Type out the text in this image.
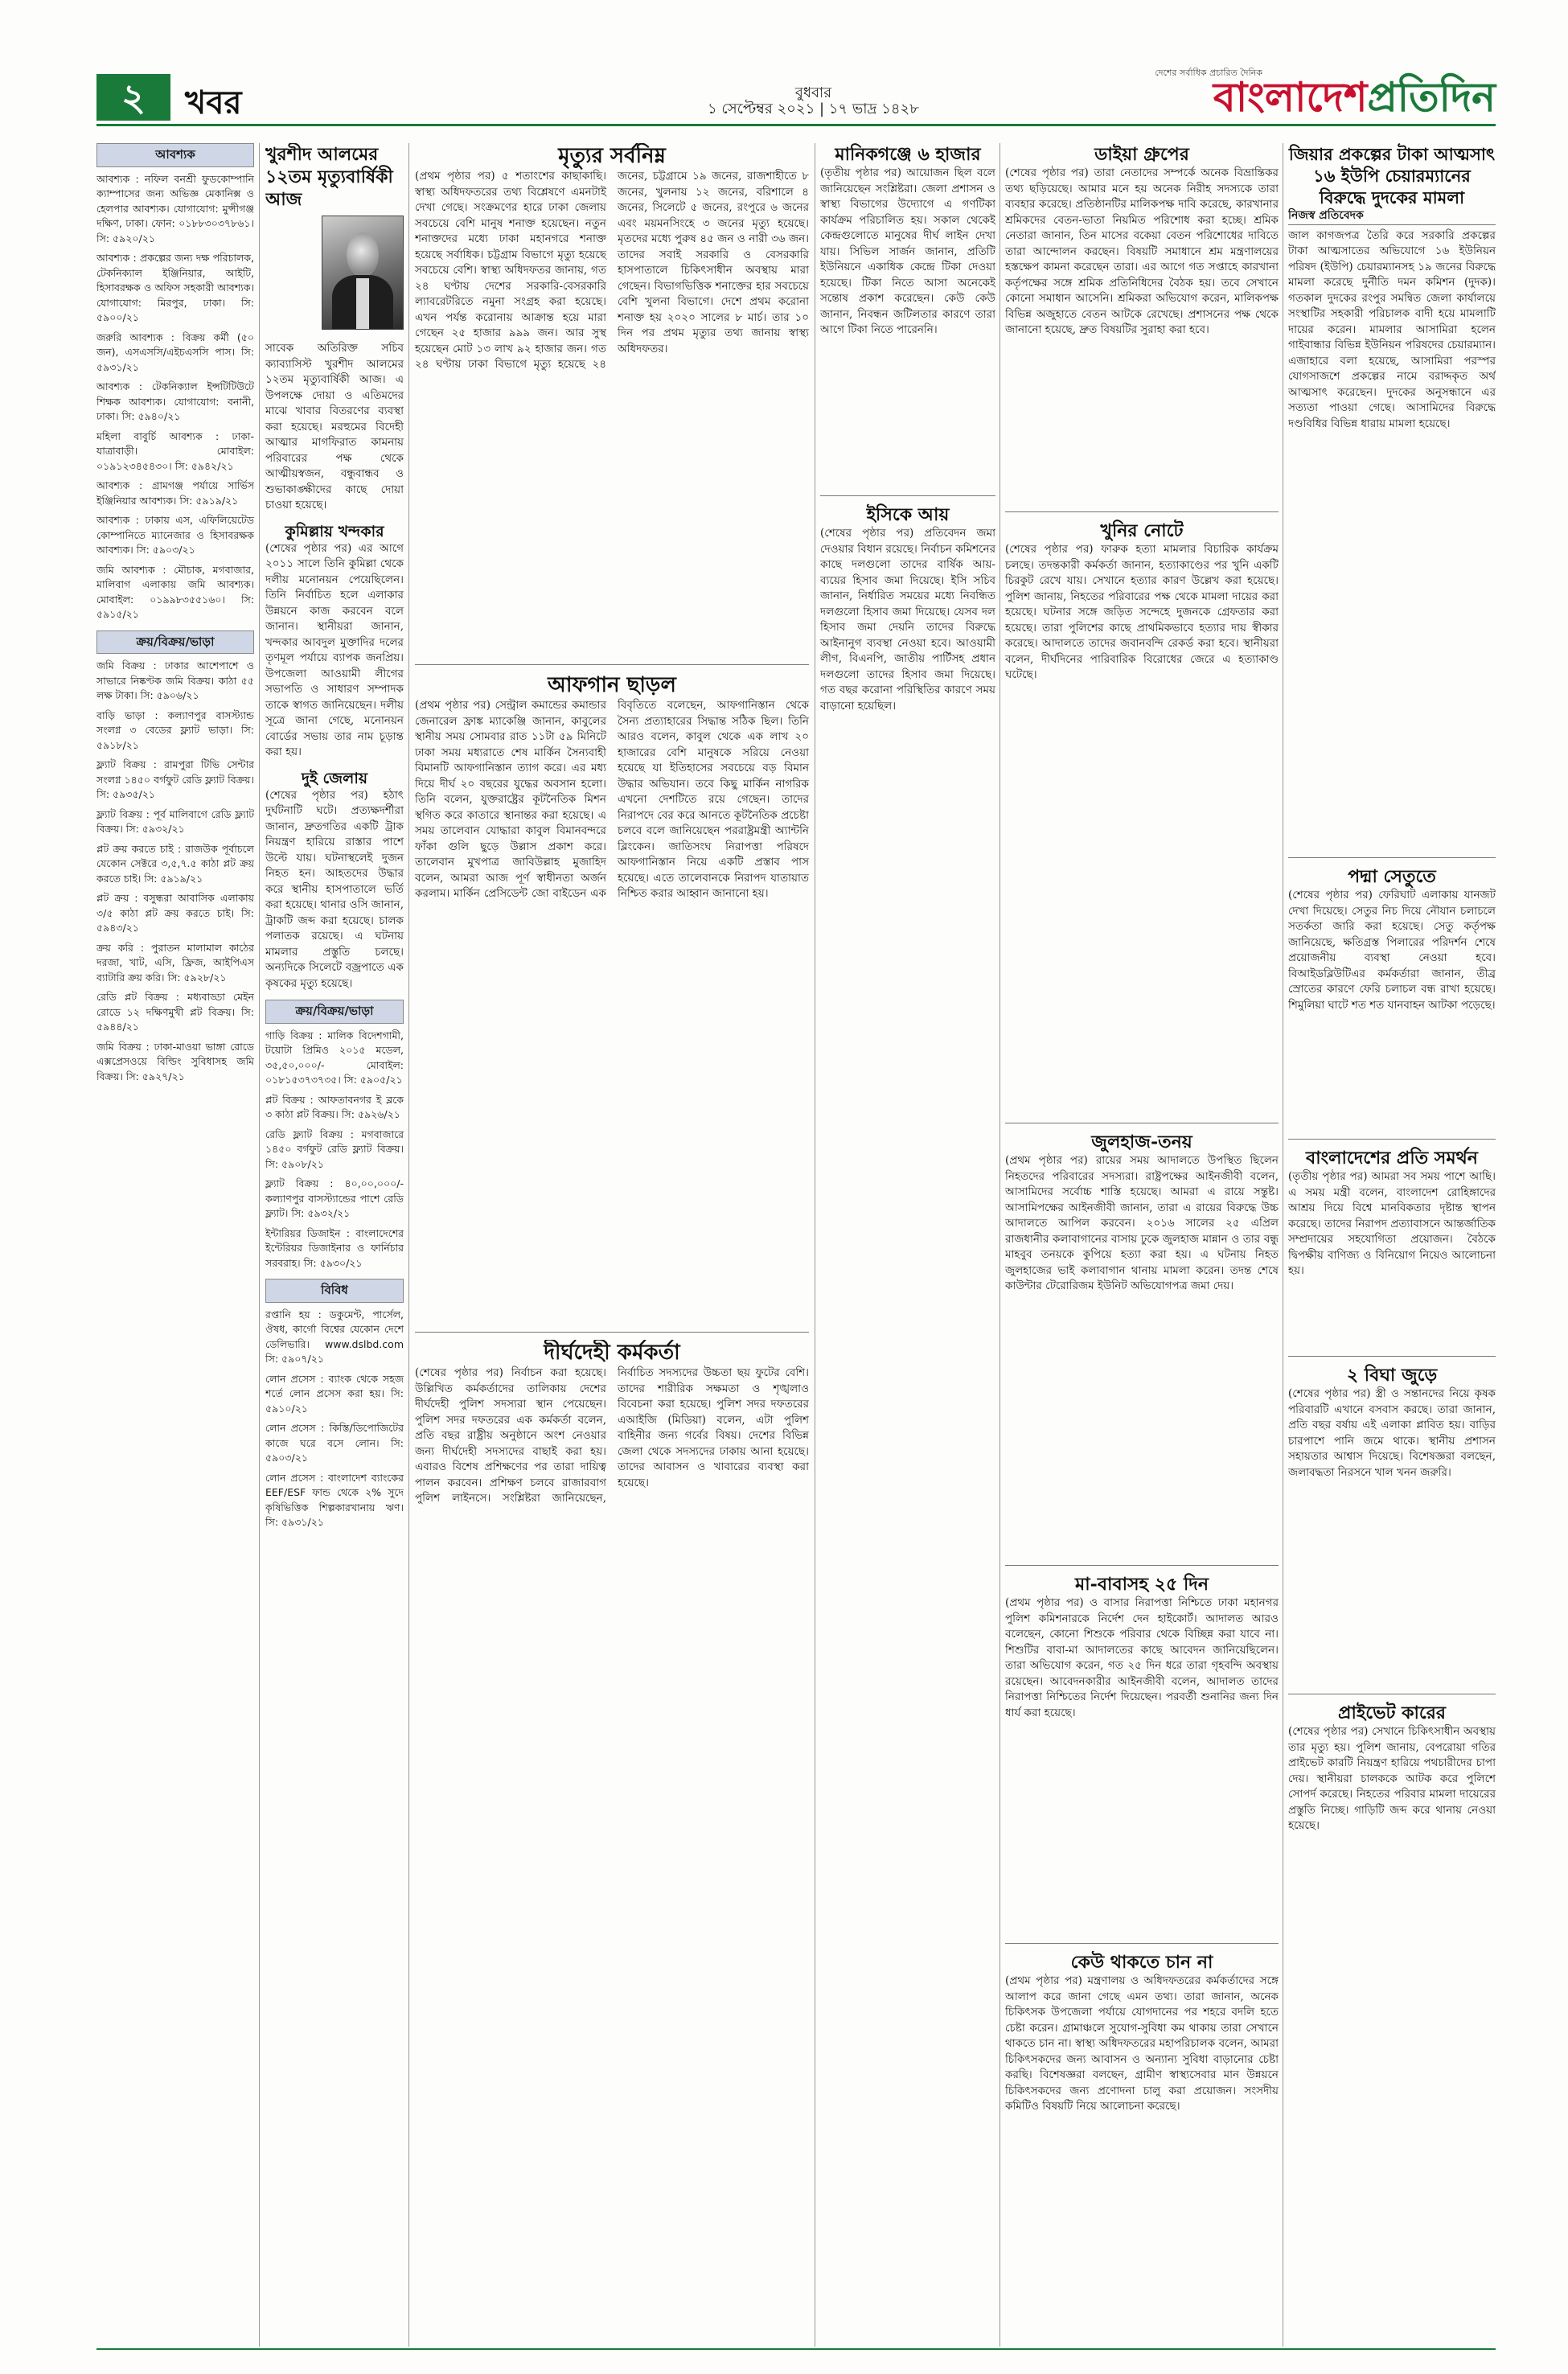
২	খবর	বুধবার
১ সেপ্টেম্বর ২০২১ | ১৭ ভাদ্র ১৪২৮
দেশের সর্বাধিক প্রচারিত দৈনিক
বাংলাদেশপ্রতিদিন
আবশ্যক

আবশ্যক : নফিল বনশ্রী ফুডকোম্পানি ক্যাম্পাসের জন্য অভিজ্ঞ মেকানিক্স ও হেলপার আবশ্যক। যোগাযোগ: মুন্সীগঞ্জ দক্ষিণ, ঢাকা। ফোন: ০১৮৮৩০৩৭৮৬১। সি: ৫৯২০/২১

আবশ্যক : প্রকল্পের জন্য দক্ষ পরিচালক, টেকনিক্যাল ইঞ্জিনিয়ার, আইটি, হিসাবরক্ষক ও অফিস সহকারী আবশ্যক। যোগাযোগ: মিরপুর, ঢাকা। সি: ৫৯০০/২১

জরুরি আবশ্যক : বিক্রয় কর্মী (৫০ জন), এসএসসি/এইচএসসি পাস। সি: ৫৯৩১/২১

আবশ্যক : টেকনিক্যাল ইন্সটিটিউটে শিক্ষক আবশ্যক। যোগাযোগ: বনানী, ঢাকা। সি: ৫৯৪০/২১

মহিলা বাবুর্চি আবশ্যক : ঢাকা-যাত্রাবাড়ী। মোবাইল: ০১৯১২৩৪৫৪৩০। সি: ৫৯৪২/২১

আবশ্যক : গ্রামগঞ্জ পর্যায়ে সার্ভিস ইঞ্জিনিয়ার আবশ্যক। সি: ৫৯১৯/২১

আবশ্যক : ঢাকায় এস, এফিলিয়েটেড কোম্পানিতে ম্যানেজার ও হিসাবরক্ষক আবশ্যক। সি: ৫৯০৩/২১

জমি আবশ্যক : মৌচাক, মগবাজার, মালিবাগ এলাকায় জমি আবশ্যক। মোবাইল: ০১৯৯৮৩৫৫১৬০। সি: ৫৯১৫/২১

ক্রয়/বিক্রয়/ভাড়া

জমি বিক্রয় : ঢাকার আশেপাশে ও সাভারে নিষ্কণ্টক জমি বিক্রয়। কাঠা ৫৫ লক্ষ টাকা। সি: ৫৯০৬/২১

বাড়ি ভাড়া : কল্যাণপুর বাসস্ট্যান্ড সংলগ্ন ৩ বেডের ফ্ল্যাট ভাড়া। সি: ৫৯১৮/২১

ফ্ল্যাট বিক্রয় : রামপুরা টিভি সেন্টার সংলগ্ন ১৪৫০ বর্গফুট রেডি ফ্ল্যাট বিক্রয়। সি: ৫৯৩৫/২১

ফ্ল্যাট বিক্রয় : পূর্ব মালিবাগে রেডি ফ্ল্যাট বিক্রয়। সি: ৫৯৩২/২১

প্লট ক্রয় করতে চাই : রাজউক পূর্বাচলে যেকোন সেক্টরে ৩,৫,৭.৫ কাঠা প্লট ক্রয় করতে চাই। সি: ৫৯১৯/২১

প্লট ক্রয় : বসুন্ধরা আবাসিক এলাকায় ৩/৫ কাঠা প্লট ক্রয় করতে চাই। সি: ৫৯৪৩/২১

ক্রয় করি : পুরাতন মালামাল কাঠের দরজা, খাট, এসি, ফ্রিজ, আইপিএস ব্যাটারি ক্রয় করি। সি: ৫৯২৮/২১

রেডি প্লট বিক্রয় : মধ্যবাড্ডা মেইন রোডে ১২ দক্ষিণমুখী প্লট বিক্রয়। সি: ৫৯৪৪/২১

জমি বিক্রয় : ঢাকা-মাওয়া ভাঙ্গা রোডে এক্সপ্রেসওয়ে বিল্ডিং সুবিধাসহ জমি বিক্রয়। সি: ৫৯২৭/২১

খুরশীদ আলমের ১২তম মৃত্যুবার্ষিকী আজ

সাবেক অতিরিক্ত সচিব ক্যাব্যাসিস্ট খুরশীদ আলমের ১২তম মৃত্যুবার্ষিকী আজ। এ উপলক্ষে দোয়া ও এতিমদের মাঝে খাবার বিতরণের ব্যবস্থা করা হয়েছে। মরহুমের বিদেহী আত্মার মাগফিরাত কামনায় পরিবারের পক্ষ থেকে আত্মীয়স্বজন, বন্ধুবান্ধব ও শুভাকাঙ্ক্ষীদের কাছে দোয়া চাওয়া হয়েছে।

কুমিল্লায় খন্দকার

(শেষের পৃষ্ঠার পর) এর আগে ২০১১ সালে তিনি কুমিল্লা থেকে দলীয় মনোনয়ন পেয়েছিলেন। তিনি নির্বাচিত হলে এলাকার উন্নয়নে কাজ করবেন বলে জানান। স্থানীয়রা জানান, খন্দকার আবদুল মুক্তাদির দলের তৃণমূল পর্যায়ে ব্যাপক জনপ্রিয়। উপজেলা আওয়ামী লীগের সভাপতি ও সাধারণ সম্পাদক তাকে স্বাগত জানিয়েছেন। দলীয় সূত্রে জানা গেছে, মনোনয়ন বোর্ডের সভায় তার নাম চূড়ান্ত করা হয়।

দুই জেলায়

(শেষের পৃষ্ঠার পর) হঠাৎ দুর্ঘটনাটি ঘটে। প্রত্যক্ষদর্শীরা জানান, দ্রুতগতির একটি ট্রাক নিয়ন্ত্রণ হারিয়ে রাস্তার পাশে উল্টে যায়। ঘটনাস্থলেই দুজন নিহত হন। আহতদের উদ্ধার করে স্থানীয় হাসপাতালে ভর্তি করা হয়েছে। থানার ওসি জানান, ট্রাকটি জব্দ করা হয়েছে। চালক পলাতক রয়েছে। এ ঘটনায় মামলার প্রস্তুতি চলছে। অন্যদিকে সিলেটে বজ্রপাতে এক কৃষকের মৃত্যু হয়েছে।

ক্রয়/বিক্রয়/ভাড়া

গাড়ি বিক্রয় : মালিক বিদেশগামী, টয়োটা প্রিমিও ২০১৫ মডেল, ৩৫,৫০,০০০/- মোবাইল: ০১৮১৫৩৭৩৭৩৫। সি: ৫৯০৫/২১

প্লট বিক্রয় : আফতাবনগর ই ব্লকে ৩ কাঠা প্লট বিক্রয়। সি: ৫৯২৬/২১

রেডি ফ্ল্যাট বিক্রয় : মগবাজারে ১৪৫০ বর্গফুট রেডি ফ্ল্যাট বিক্রয়। সি: ৫৯০৮/২১

ফ্ল্যাট বিক্রয় : ৪০,০০,০০০/- কল্যাণপুর বাসস্ট্যান্ডের পাশে রেডি ফ্ল্যাট। সি: ৫৯৩২/২১

ইন্টারিয়র ডিজাইন : বাংলাদেশের ইন্টেরিয়র ডিজাইনার ও ফার্নিচার সরবরাহ। সি: ৫৯৩০/২১

বিবিধ

রপ্তানি হয় : ডকুমেন্ট, পার্সেল, ঔষধ, কার্গো বিশ্বের যেকোন দেশে ডেলিভারি। www.dslbd.com সি: ৫৯০৭/২১

লোন প্রসেস : ব্যাংক থেকে সহজ শর্তে লোন প্রসেস করা হয়। সি: ৫৯১০/২১

লোন প্রসেস : কিস্তি/ডিপোজিটের কাজে ঘরে বসে লোন। সি: ৫৯০৩/২১

লোন প্রসেস : বাংলাদেশ ব্যাংকের EEF/ESF ফান্ড থেকে ২% সুদে কৃষিভিত্তিক শিল্পকারখানায় ঋণ। সি: ৫৯৩১/২১

মৃত্যুর সর্বনিম্ন

(প্রথম পৃষ্ঠার পর) ৫ শতাংশের কাছাকাছি। স্বাস্থ্য অধিদফতরের তথ্য বিশ্লেষণে এমনটাই দেখা গেছে। সংক্রমণের হারে ঢাকা জেলায় সবচেয়ে বেশি মানুষ শনাক্ত হয়েছেন। নতুন শনাক্তদের মধ্যে ঢাকা মহানগরে শনাক্ত হয়েছে সর্বাধিক। চট্টগ্রাম বিভাগে মৃত্যু হয়েছে সবচেয়ে বেশি। স্বাস্থ্য অধিদফতর জানায়, গত ২৪ ঘণ্টায় দেশের সরকারি-বেসরকারি ল্যাবরেটরিতে নমুনা সংগ্রহ করা হয়েছে। এখন পর্যন্ত করোনায় আক্রান্ত হয়ে মারা গেছেন ২৫ হাজার ৯৯৯ জন। আর সুস্থ হয়েছেন মোট ১৩ লাখ ৯২ হাজার জন। গত ২৪ ঘণ্টায় ঢাকা বিভাগে মৃত্যু হয়েছে ২৪ জনের, চট্টগ্রামে ১৯ জনের, রাজশাহীতে ৮ জনের, খুলনায় ১২ জনের, বরিশালে ৪ জনের, সিলেটে ৫ জনের, রংপুরে ৬ জনের এবং ময়মনসিংহে ৩ জনের মৃত্যু হয়েছে। মৃতদের মধ্যে পুরুষ ৪৫ জন ও নারী ৩৬ জন। তাদের সবাই সরকারি ও বেসরকারি হাসপাতালে চিকিৎসাধীন অবস্থায় মারা গেছেন। বিভাগভিত্তিক শনাক্তের হার সবচেয়ে বেশি খুলনা বিভাগে। দেশে প্রথম করোনা শনাক্ত হয় ২০২০ সালের ৮ মার্চ। তার ১০ দিন পর প্রথম মৃত্যুর তথ্য জানায় স্বাস্থ্য অধিদফতর।

আফগান ছাড়ল

(প্রথম পৃষ্ঠার পর) সেন্ট্রাল কমান্ডের কমান্ডার জেনারেল ফ্রাঙ্ক ম্যাকেঞ্জি জানান, কাবুলের স্থানীয় সময় সোমবার রাত ১১টা ৫৯ মিনিটে ঢাকা সময় মধ্যরাতে শেষ মার্কিন সৈন্যবাহী বিমানটি আফগানিস্তান ত্যাগ করে। এর মধ্য দিয়ে দীর্ঘ ২০ বছরের যুদ্ধের অবসান হলো। তিনি বলেন, যুক্তরাষ্ট্রের কূটনৈতিক মিশন স্থগিত করে কাতারে স্থানান্তর করা হয়েছে। এ সময় তালেবান যোদ্ধারা কাবুল বিমানবন্দরে ফাঁকা গুলি ছুড়ে উল্লাস প্রকাশ করে। তালেবান মুখপাত্র জাবিউল্লাহ মুজাহিদ বলেন, আমরা আজ পূর্ণ স্বাধীনতা অর্জন করলাম। মার্কিন প্রেসিডেন্ট জো বাইডেন এক বিবৃতিতে বলেছেন, আফগানিস্তান থেকে সৈন্য প্রত্যাহারের সিদ্ধান্ত সঠিক ছিল। তিনি আরও বলেন, কাবুল থেকে এক লাখ ২০ হাজারের বেশি মানুষকে সরিয়ে নেওয়া হয়েছে যা ইতিহাসের সবচেয়ে বড় বিমান উদ্ধার অভিযান। তবে কিছু মার্কিন নাগরিক এখনো দেশটিতে রয়ে গেছেন। তাদের নিরাপদে বের করে আনতে কূটনৈতিক প্রচেষ্টা চলবে বলে জানিয়েছেন পররাষ্ট্রমন্ত্রী অ্যান্টনি ব্লিংকেন। জাতিসংঘ নিরাপত্তা পরিষদে আফগানিস্তান নিয়ে একটি প্রস্তাব পাস হয়েছে। এতে তালেবানকে নিরাপদ যাতায়াত নিশ্চিত করার আহ্বান জানানো হয়।

দীর্ঘদেহী কর্মকর্তা

(শেষের পৃষ্ঠার পর) নির্বাচন করা হয়েছে। উল্লিখিত কর্মকর্তাদের তালিকায় দেশের দীর্ঘদেহী পুলিশ সদস্যরা স্থান পেয়েছেন। পুলিশ সদর দফতরের এক কর্মকর্তা বলেন, প্রতি বছর রাষ্ট্রীয় অনুষ্ঠানে অংশ নেওয়ার জন্য দীর্ঘদেহী সদস্যদের বাছাই করা হয়। এবারও বিশেষ প্রশিক্ষণের পর তারা দায়িত্ব পালন করবেন। প্রশিক্ষণ চলবে রাজারবাগ পুলিশ লাইনসে। সংশ্লিষ্টরা জানিয়েছেন, নির্বাচিত সদস্যদের উচ্চতা ছয় ফুটের বেশি। তাদের শারীরিক সক্ষমতা ও শৃঙ্খলাও বিবেচনা করা হয়েছে। পুলিশ সদর দফতরের এআইজি (মিডিয়া) বলেন, এটা পুলিশ বাহিনীর জন্য গর্বের বিষয়। দেশের বিভিন্ন জেলা থেকে সদস্যদের ঢাকায় আনা হয়েছে। তাদের আবাসন ও খাবারের ব্যবস্থা করা হয়েছে।

মানিকগঞ্জে ৬ হাজার

(তৃতীয় পৃষ্ঠার পর) আয়োজন ছিল বলে জানিয়েছেন সংশ্লিষ্টরা। জেলা প্রশাসন ও স্বাস্থ্য বিভাগের উদ্যোগে এ গণটিকা কার্যক্রম পরিচালিত হয়। সকাল থেকেই কেন্দ্রগুলোতে মানুষের দীর্ঘ লাইন দেখা যায়। সিভিল সার্জন জানান, প্রতিটি ইউনিয়নে একাধিক কেন্দ্রে টিকা দেওয়া হয়েছে। টিকা নিতে আসা অনেকেই সন্তোষ প্রকাশ করেছেন। কেউ কেউ জানান, নিবন্ধন জটিলতার কারণে তারা আগে টিকা নিতে পারেননি।

ইসিকে আয়

(শেষের পৃষ্ঠার পর) প্রতিবেদন জমা দেওয়ার বিধান রয়েছে। নির্বাচন কমিশনের কাছে দলগুলো তাদের বার্ষিক আয়-ব্যয়ের হিসাব জমা দিয়েছে। ইসি সচিব জানান, নির্ধারিত সময়ের মধ্যে নিবন্ধিত দলগুলো হিসাব জমা দিয়েছে। যেসব দল হিসাব জমা দেয়নি তাদের বিরুদ্ধে আইনানুগ ব্যবস্থা নেওয়া হবে। আওয়ামী লীগ, বিএনপি, জাতীয় পার্টিসহ প্রধান দলগুলো তাদের হিসাব জমা দিয়েছে। গত বছর করোনা পরিস্থিতির কারণে সময় বাড়ানো হয়েছিল।

ডাইয়া গ্রুপের

(শেষের পৃষ্ঠার পর) তারা নেতাদের সম্পর্কে অনেক বিভ্রান্তিকর তথ্য ছড়িয়েছে। আমার মনে হয় অনেক নিরীহ সদস্যকে তারা ব্যবহার করেছে। প্রতিষ্ঠানটির মালিকপক্ষ দাবি করেছে, কারখানার শ্রমিকদের বেতন-ভাতা নিয়মিত পরিশোধ করা হচ্ছে। শ্রমিক নেতারা জানান, তিন মাসের বকেয়া বেতন পরিশোধের দাবিতে তারা আন্দোলন করছেন। বিষয়টি সমাধানে শ্রম মন্ত্রণালয়ের হস্তক্ষেপ কামনা করেছেন তারা। এর আগে গত সপ্তাহে কারখানা কর্তৃপক্ষের সঙ্গে শ্রমিক প্রতিনিধিদের বৈঠক হয়। তবে সেখানে কোনো সমাধান আসেনি। শ্রমিকরা অভিযোগ করেন, মালিকপক্ষ বিভিন্ন অজুহাতে বেতন আটকে রেখেছে। প্রশাসনের পক্ষ থেকে জানানো হয়েছে, দ্রুত বিষয়টির সুরাহা করা হবে।

খুনির নোটে

(শেষের পৃষ্ঠার পর) ফারুক হত্যা মামলার বিচারিক কার্যক্রম চলছে। তদন্তকারী কর্মকর্তা জানান, হত্যাকাণ্ডের পর খুনি একটি চিরকুট রেখে যায়। সেখানে হত্যার কারণ উল্লেখ করা হয়েছে। পুলিশ জানায়, নিহতের পরিবারের পক্ষ থেকে মামলা দায়ের করা হয়েছে। ঘটনার সঙ্গে জড়িত সন্দেহে দুজনকে গ্রেফতার করা হয়েছে। তারা পুলিশের কাছে প্রাথমিকভাবে হত্যার দায় স্বীকার করেছে। আদালতে তাদের জবানবন্দি রেকর্ড করা হবে। স্থানীয়রা বলেন, দীর্ঘদিনের পারিবারিক বিরোধের জেরে এ হত্যাকাণ্ড ঘটেছে।

জুলহাজ-তনয়

(প্রথম পৃষ্ঠার পর) রায়ের সময় আদালতে উপস্থিত ছিলেন নিহতদের পরিবারের সদস্যরা। রাষ্ট্রপক্ষের আইনজীবী বলেন, আসামিদের সর্বোচ্চ শাস্তি হয়েছে। আমরা এ রায়ে সন্তুষ্ট। আসামিপক্ষের আইনজীবী জানান, তারা এ রায়ের বিরুদ্ধে উচ্চ আদালতে আপিল করবেন। ২০১৬ সালের ২৫ এপ্রিল রাজধানীর কলাবাগানের বাসায় ঢুকে জুলহাজ মান্নান ও তার বন্ধু মাহবুব তনয়কে কুপিয়ে হত্যা করা হয়। এ ঘটনায় নিহত জুলহাজের ভাই কলাবাগান থানায় মামলা করেন। তদন্ত শেষে কাউন্টার টেরোরিজম ইউনিট অভিযোগপত্র জমা দেয়।

মা-বাবাসহ ২৫ দিন

(প্রথম পৃষ্ঠার পর) ও বাসার নিরাপত্তা নিশ্চিতে ঢাকা মহানগর পুলিশ কমিশনারকে নির্দেশ দেন হাইকোর্ট। আদালত আরও বলেছেন, কোনো শিশুকে পরিবার থেকে বিচ্ছিন্ন করা যাবে না। শিশুটির বাবা-মা আদালতের কাছে আবেদন জানিয়েছিলেন। তারা অভিযোগ করেন, গত ২৫ দিন ধরে তারা গৃহবন্দি অবস্থায় রয়েছেন। আবেদনকারীর আইনজীবী বলেন, আদালত তাদের নিরাপত্তা নিশ্চিতের নির্দেশ দিয়েছেন। পরবর্তী শুনানির জন্য দিন ধার্য করা হয়েছে।

কেউ থাকতে চান না

(প্রথম পৃষ্ঠার পর) মন্ত্রণালয় ও অধিদফতরের কর্মকর্তাদের সঙ্গে আলাপ করে জানা গেছে এমন তথ্য। তারা জানান, অনেক চিকিৎসক উপজেলা পর্যায়ে যোগদানের পর শহরে বদলি হতে চেষ্টা করেন। গ্রামাঞ্চলে সুযোগ-সুবিধা কম থাকায় তারা সেখানে থাকতে চান না। স্বাস্থ্য অধিদফতরের মহাপরিচালক বলেন, আমরা চিকিৎসকদের জন্য আবাসন ও অন্যান্য সুবিধা বাড়ানোর চেষ্টা করছি। বিশেষজ্ঞরা বলছেন, গ্রামীণ স্বাস্থ্যসেবার মান উন্নয়নে চিকিৎসকদের জন্য প্রণোদনা চালু করা প্রয়োজন। সংসদীয় কমিটিও বিষয়টি নিয়ে আলোচনা করেছে।

জিয়ার প্রকল্পের টাকা আত্মসাৎ ১৬ ইউপি চেয়ারম্যানের বিরুদ্ধে দুদকের মামলা
নিজস্ব প্রতিবেদক

জাল কাগজপত্র তৈরি করে সরকারি প্রকল্পের টাকা আত্মসাতের অভিযোগে ১৬ ইউনিয়ন পরিষদ (ইউপি) চেয়ারম্যানসহ ১৯ জনের বিরুদ্ধে মামলা করেছে দুর্নীতি দমন কমিশন (দুদক)। গতকাল দুদকের রংপুর সমন্বিত জেলা কার্যালয়ে সংস্থাটির সহকারী পরিচালক বাদী হয়ে মামলাটি দায়ের করেন। মামলার আসামিরা হলেন গাইবান্ধার বিভিন্ন ইউনিয়ন পরিষদের চেয়ারম্যান। এজাহারে বলা হয়েছে, আসামিরা পরস্পর যোগসাজশে প্রকল্পের নামে বরাদ্দকৃত অর্থ আত্মসাৎ করেছেন। দুদকের অনুসন্ধানে এর সত্যতা পাওয়া গেছে। আসামিদের বিরুদ্ধে দণ্ডবিধির বিভিন্ন ধারায় মামলা হয়েছে।

পদ্মা সেতুতে

(শেষের পৃষ্ঠার পর) ফেরিঘাট এলাকায় যানজট দেখা দিয়েছে। সেতুর নিচ দিয়ে নৌযান চলাচলে সতর্কতা জারি করা হয়েছে। সেতু কর্তৃপক্ষ জানিয়েছে, ক্ষতিগ্রস্ত পিলারের পরিদর্শন শেষে প্রয়োজনীয় ব্যবস্থা নেওয়া হবে। বিআইডব্লিউটিএর কর্মকর্তারা জানান, তীব্র স্রোতের কারণে ফেরি চলাচল বন্ধ রাখা হয়েছে। শিমুলিয়া ঘাটে শত শত যানবাহন আটকা পড়েছে।

বাংলাদেশের প্রতি সমর্থন

(তৃতীয় পৃষ্ঠার পর) আমরা সব সময় পাশে আছি। এ সময় মন্ত্রী বলেন, বাংলাদেশ রোহিঙ্গাদের আশ্রয় দিয়ে বিশ্বে মানবিকতার দৃষ্টান্ত স্থাপন করেছে। তাদের নিরাপদ প্রত্যাবাসনে আন্তর্জাতিক সম্প্রদায়ের সহযোগিতা প্রয়োজন। বৈঠকে দ্বিপক্ষীয় বাণিজ্য ও বিনিয়োগ নিয়েও আলোচনা হয়।

২ বিঘা জুড়ে

(শেষের পৃষ্ঠার পর) স্ত্রী ও সন্তানদের নিয়ে কৃষক পরিবারটি এখানে বসবাস করছে। তারা জানান, প্রতি বছর বর্ষায় এই এলাকা প্লাবিত হয়। বাড়ির চারপাশে পানি জমে থাকে। স্থানীয় প্রশাসন সহায়তার আশ্বাস দিয়েছে। বিশেষজ্ঞরা বলছেন, জলাবদ্ধতা নিরসনে খাল খনন জরুরি।

প্রাইভেট কারের

(শেষের পৃষ্ঠার পর) সেখানে চিকিৎসাধীন অবস্থায় তার মৃত্যু হয়। পুলিশ জানায়, বেপরোয়া গতির প্রাইভেট কারটি নিয়ন্ত্রণ হারিয়ে পথচারীদের চাপা দেয়। স্থানীয়রা চালককে আটক করে পুলিশে সোপর্দ করেছে। নিহতের পরিবার মামলা দায়েরের প্রস্তুতি নিচ্ছে। গাড়িটি জব্দ করে থানায় নেওয়া হয়েছে।
